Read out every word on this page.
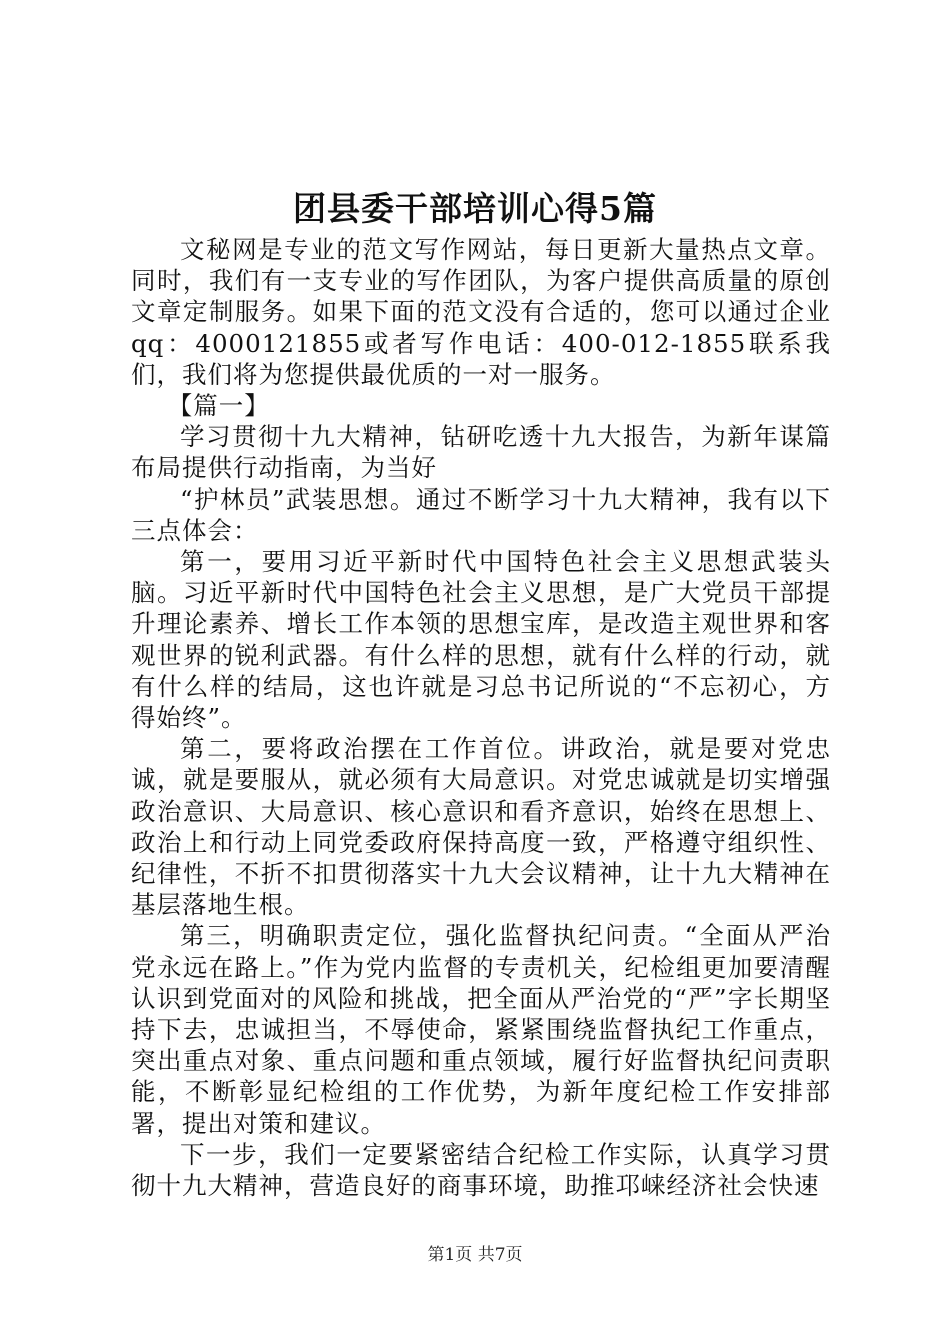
团县委干部培训心得5篇

文秘网是专业的范文写作网站，每日更新大量热点文章。同时，我们有一支专业的写作团队，为客户提供高质量的原创文章定制服务。如果下面的范文没有合适的，您可以通过企业qq：4000121855或者写作电话：400-012-1855联系我们，我们将为您提供最优质的一对一服务。

【篇一】

学习贯彻十九大精神，钻研吃透十九大报告，为新年谋篇布局提供行动指南，为当好

“护林员”武装思想。通过不断学习十九大精神，我有以下三点体会：

第一，要用习近平新时代中国特色社会主义思想武装头脑。习近平新时代中国特色社会主义思想，是广大党员干部提升理论素养、增长工作本领的思想宝库，是改造主观世界和客观世界的锐利武器。有什么样的思想，就有什么样的行动，就有什么样的结局，这也许就是习总书记所说的“不忘初心，方得始终”。

第二，要将政治摆在工作首位。讲政治，就是要对党忠诚，就是要服从，就必须有大局意识。对党忠诚就是切实增强政治意识、大局意识、核心意识和看齐意识，始终在思想上、政治上和行动上同党委政府保持高度一致，严格遵守组织性、纪律性，不折不扣贯彻落实十九大会议精神，让十九大精神在基层落地生根。

第三，明确职责定位，强化监督执纪问责。“全面从严治党永远在路上。”作为党内监督的专责机关，纪检组更加要清醒认识到党面对的风险和挑战，把全面从严治党的“严”字长期坚持下去，忠诚担当，不辱使命，紧紧围绕监督执纪工作重点，突出重点对象、重点问题和重点领域，履行好监督执纪问责职能，不断彰显纪检组的工作优势，为新年度纪检工作安排部署，提出对策和建议。

下一步，我们一定要紧密结合纪检工作实际，认真学习贯彻十九大精神，营造良好的商事环境，助推邛崃经济社会快速

第1页 共7页
